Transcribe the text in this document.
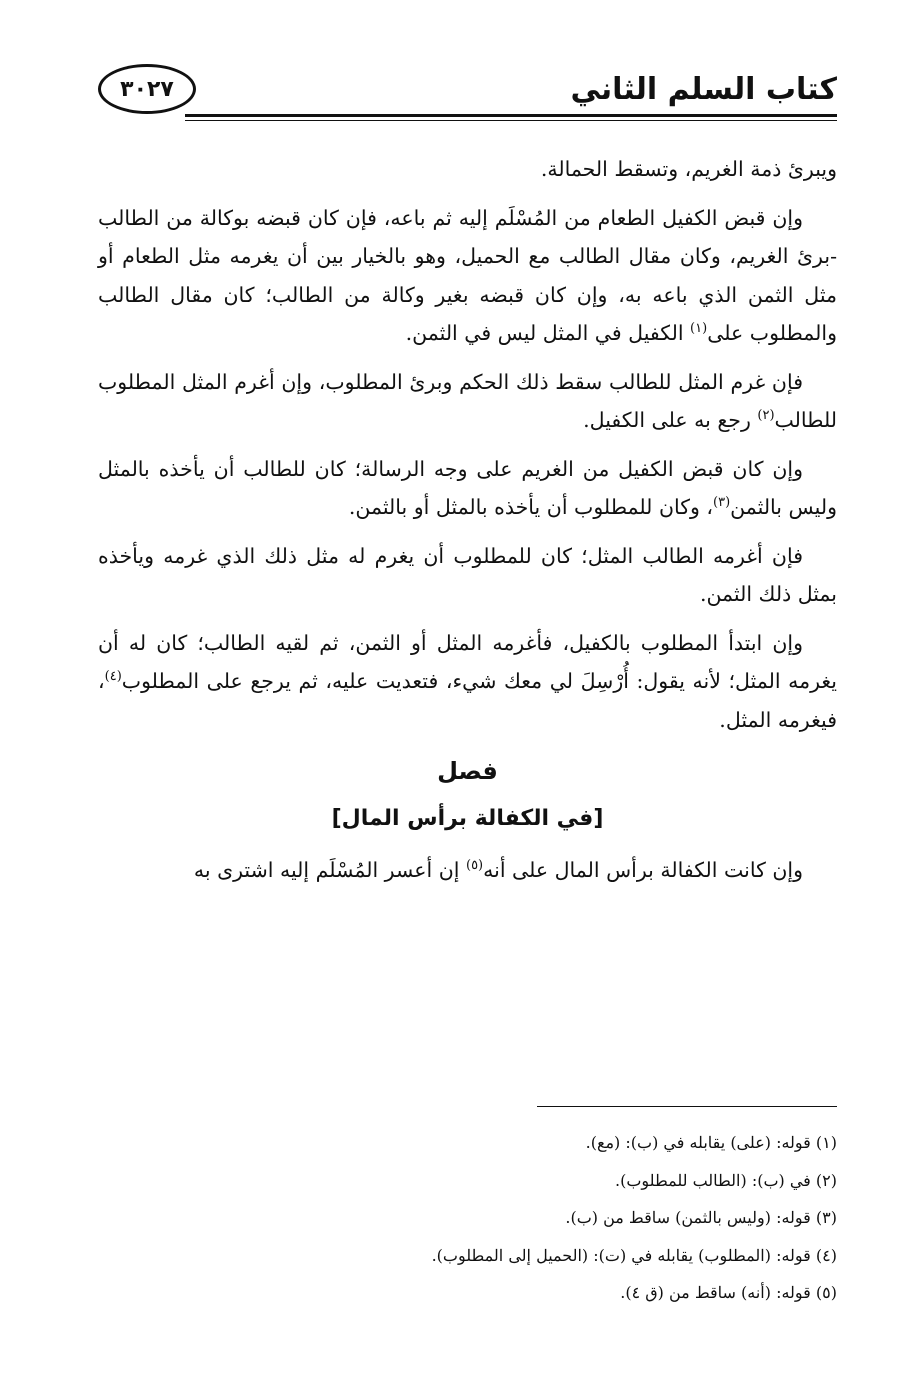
كتاب السلم الثاني
٣٠٢٧

ويبرئ ذمة الغريم، وتسقط الحمالة.

وإن قبض الكفيل الطعام من المُسْلَم إليه ثم باعه، فإن كان قبضه بوكالة من الطالب -برئ الغريم، وكان مقال الطالب مع الحميل، وهو بالخيار بين أن يغرمه مثل الطعام أو مثل الثمن الذي باعه به، وإن كان قبضه بغير وكالة من الطالب؛ كان مقال الطالب والمطلوب على$^{(١)}$ الكفيل في المثل ليس في الثمن.

فإن غرم المثل للطالب سقط ذلك الحكم وبرئ المطلوب، وإن أغرم المثل المطلوب للطالب$^{(٢)}$ رجع به على الكفيل.

وإن كان قبض الكفيل من الغريم على وجه الرسالة؛ كان للطالب أن يأخذه بالمثل وليس بالثمن$^{(٣)}$، وكان للمطلوب أن يأخذه بالمثل أو بالثمن.

فإن أغرمه الطالب المثل؛ كان للمطلوب أن يغرم له مثل ذلك الذي غرمه ويأخذه بمثل ذلك الثمن.

وإن ابتدأ المطلوب بالكفيل، فأغرمه المثل أو الثمن، ثم لقيه الطالب؛ كان له أن يغرمه المثل؛ لأنه يقول: أُرْسِلَ لي معك شيء، فتعديت عليه، ثم يرجع على المطلوب$^{(٤)}$، فيغرمه المثل.

فصل
[في الكفالة برأس المال]

وإن كانت الكفالة برأس المال على أنه$^{(٥)}$ إن أعسر المُسْلَم إليه اشترى به

(١) قوله: (على) يقابله في (ب): (مع).
(٢) في (ب): (الطالب للمطلوب).
(٣) قوله: (وليس بالثمن) ساقط من (ب).
(٤) قوله: (المطلوب) يقابله في (ت): (الحميل إلى المطلوب).
(٥) قوله: (أنه) ساقط من (ق ٤).
